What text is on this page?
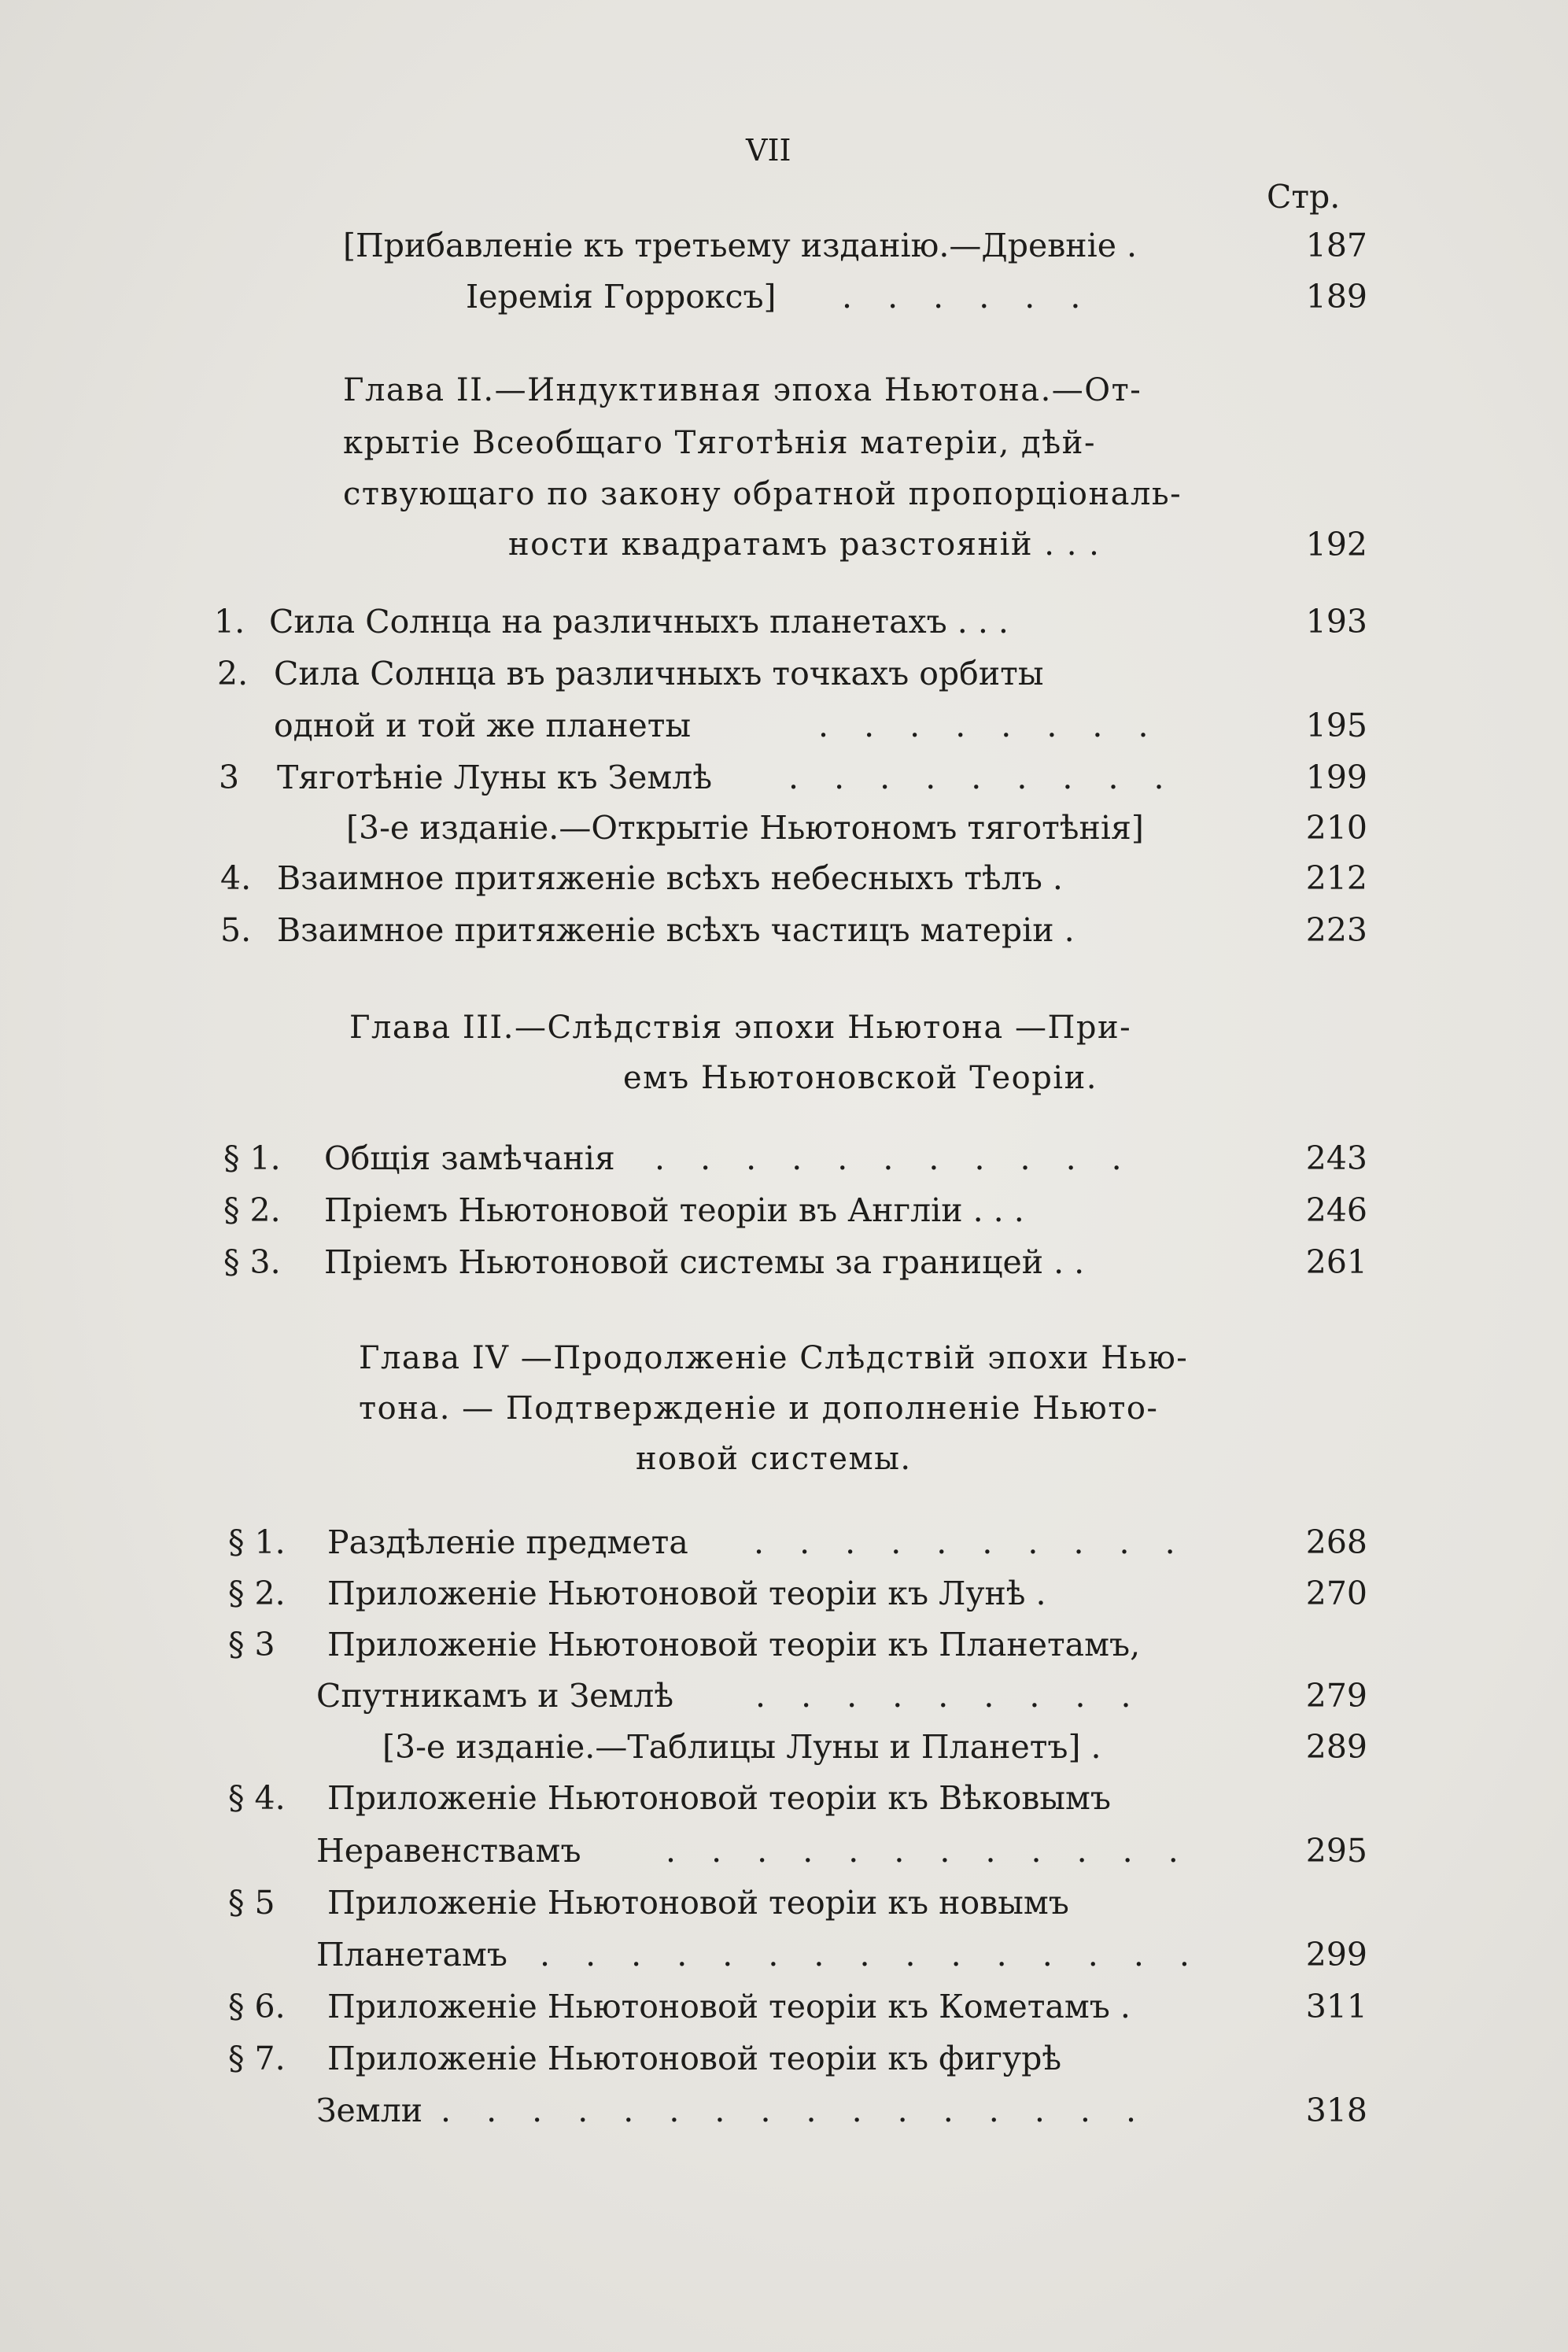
VII
Стр.
[Прибавленіе къ третьему изданію.—Древніе .	187
Іеремія Горроксъ] . . . . . .	189
Глава II.—Индуктивная эпоха Ньютона.—От-
крытіе Всеобщаго Тяготѣнія матеріи, дѣй-
ствующаго по закону обратной пропорціональ-
ности квадратамъ разстояній . . .	192
1. Сила Солнца на различныхъ планетахъ . . .	193
2. Сила Солнца въ различныхъ точкахъ орбиты
одной и той же планеты	. . . . . . . .	195
3 Тяготѣніе Луны къ Землѣ . . . . . . . . .	199
[3-е изданіе.—Открытіе Ньютономъ тяготѣнія]	210
4. Взаимное притяженіе всѣхъ небесныхъ тѣлъ .	212
5. Взаимное притяженіе всѣхъ частицъ матеріи .	223
Глава III.—Слѣдствія эпохи Ньютона —При-
емъ Ньютоновской Теоріи.
§ 1. Общія замѣчанія . . . . . . . . . . .	243
§ 2. Пріемъ Ньютоновой теоріи въ Англіи . . .	246
§ 3. Пріемъ Ньютоновой системы за границей . .	261
Глава IV —Продолженіе Слѣдствій эпохи Нью-
тона. — Подтвержденіе и дополненіе Ньюто-
новой системы.
§ 1. Раздѣленіе предмета . . . . . . . . . .	268
§ 2. Приложеніе Ньютоновой теоріи къ Лунѣ .	270
§ 3 Приложеніе Ньютоновой теоріи къ Планетамъ,
Спутникамъ и Землѣ	. . . . . . . . .	279
[3-е изданіе.—Таблицы Луны и Планетъ] .	289
§ 4. Приложеніе Ньютоновой теоріи къ Вѣковымъ
Неравенствамъ	. . . . . . . . . . . .	295
§ 5 Приложеніе Ньютоновой теоріи къ новымъ
Планетамъ . . . . . . . . . . . . . . .	299
§ 6. Приложеніе Ньютоновой теоріи къ Кометамъ .	311
§ 7. Приложеніе Ньютоновой теоріи къ фигурѣ
Земли . . . . . . . . . . . . . . . .	318
